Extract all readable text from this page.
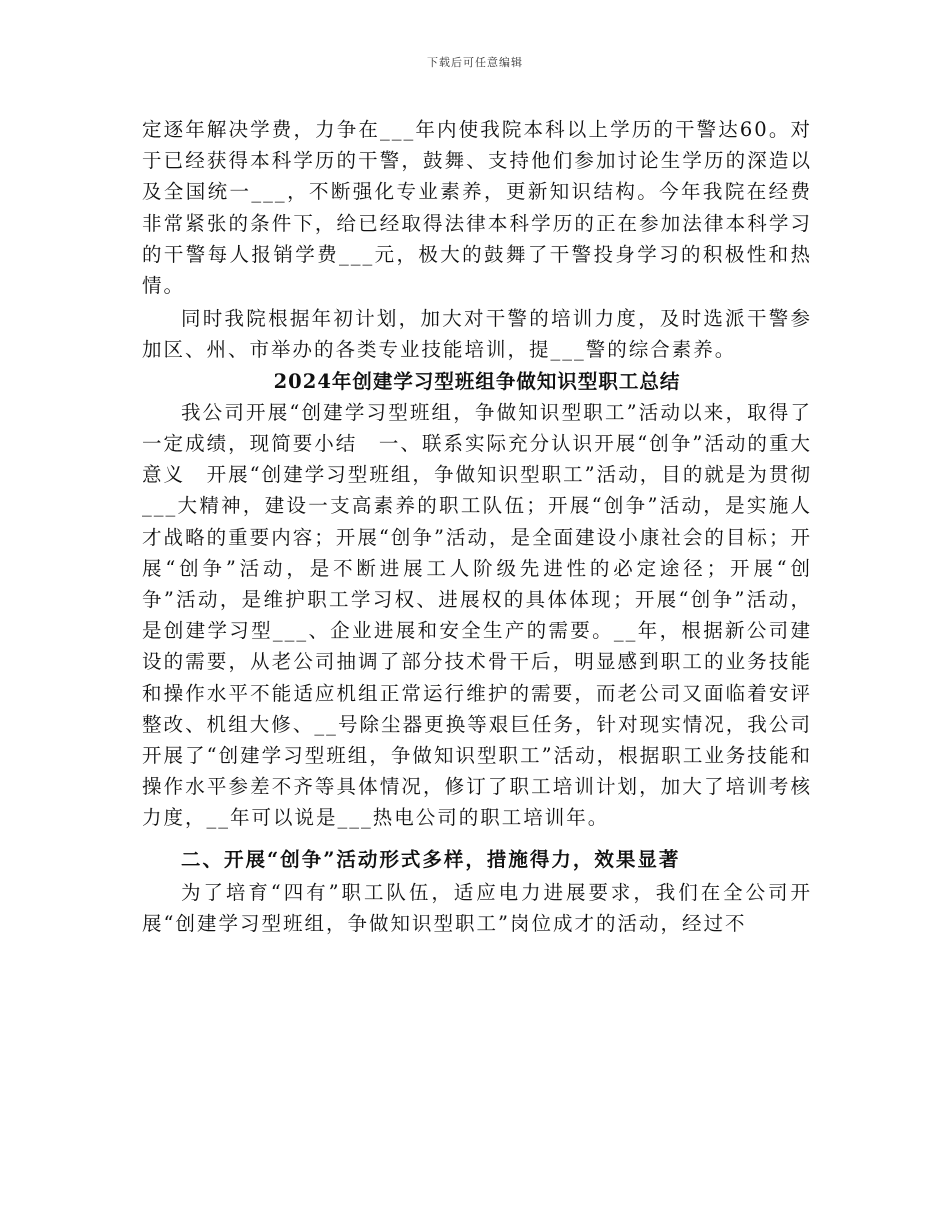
下载后可任意编辑

定逐年解决学费，力争在___年内使我院本科以上学历的干警达60。对于已经获得本科学历的干警，鼓舞、支持他们参加讨论生学历的深造以及全国统一___，不断强化专业素养，更新知识结构。今年我院在经费非常紧张的条件下，给已经取得法律本科学历的正在参加法律本科学习的干警每人报销学费___元，极大的鼓舞了干警投身学习的积极性和热情。

同时我院根据年初计划，加大对干警的培训力度，及时选派干警参加区、州、市举办的各类专业技能培训，提___警的综合素养。

2024年创建学习型班组争做知识型职工总结

我公司开展“创建学习型班组，争做知识型职工”活动以来，取得了一定成绩，现简要小结　一、联系实际充分认识开展“创争”活动的重大意义　开展“创建学习型班组，争做知识型职工”活动，目的就是为贯彻___大精神，建设一支高素养的职工队伍；开展“创争”活动，是实施人才战略的重要内容；开展“创争”活动，是全面建设小康社会的目标；开展“创争”活动，是不断进展工人阶级先进性的必定途径；开展“创争”活动，是维护职工学习权、进展权的具体体现；开展“创争”活动，是创建学习型___、企业进展和安全生产的需要。__年，根据新公司建设的需要，从老公司抽调了部分技术骨干后，明显感到职工的业务技能和操作水平不能适应机组正常运行维护的需要，而老公司又面临着安评整改、机组大修、__号除尘器更换等艰巨任务，针对现实情况，我公司开展了“创建学习型班组，争做知识型职工”活动，根据职工业务技能和操作水平参差不齐等具体情况，修订了职工培训计划，加大了培训考核力度，__年可以说是___热电公司的职工培训年。

二、开展“创争”活动形式多样，措施得力，效果显著

为了培育“四有”职工队伍，适应电力进展要求，我们在全公司开展“创建学习型班组，争做知识型职工”岗位成才的活动，经过不
